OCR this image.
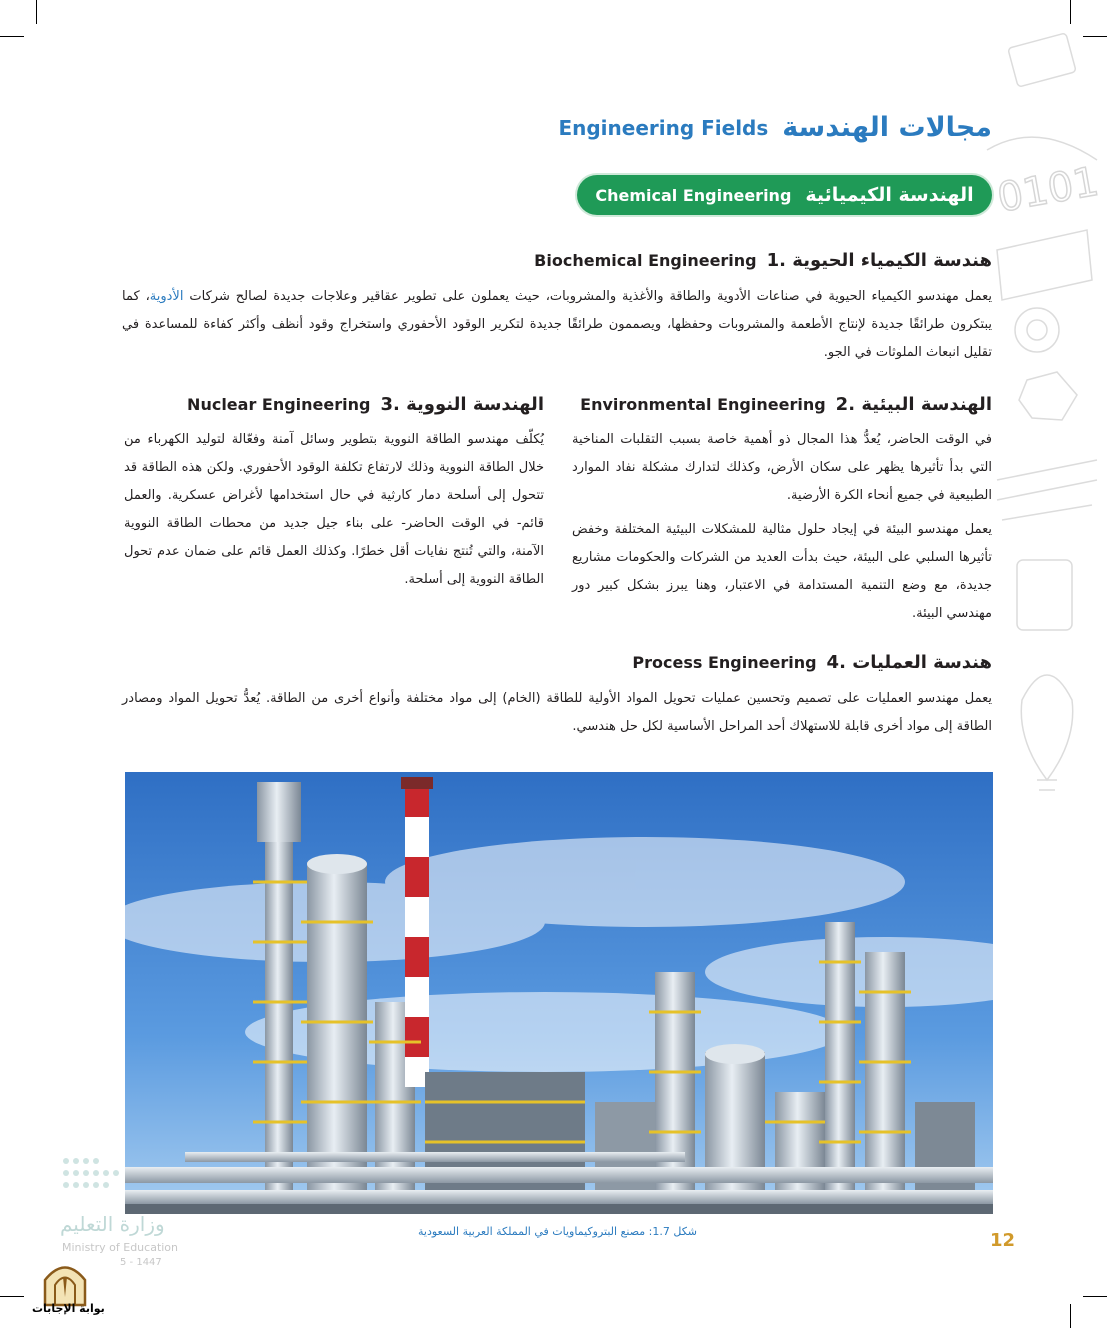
0101
Engineering Fields مجالات الهندسة
Chemical Engineering الهندسة الكيميائية
Biochemical Engineering 1. هندسة الكيمياء الحيوية

يعمل مهندسو الكيمياء الحيوية في صناعات الأدوية والطاقة والأغذية والمشروبات، حيث يعملون على تطوير عقاقير وعلاجات جديدة لصالح شركات الأدوية، كما يبتكرون طرائقًا جديدة لإنتاج الأطعمة والمشروبات وحفظها، ويصممون طرائقًا جديدة لتكرير الوقود الأحفوري واستخراج وقود أنظف وأكثر كفاءة للمساعدة في تقليل انبعاث الملوثات في الجو.

Environmental Engineering 2. الهندسة البيئية

في الوقت الحاضر، يُعدُّ هذا المجال ذو أهمية خاصة بسبب التقلبات المناخية التي بدأ تأثيرها يظهر على سكان الأرض، وكذلك لتدارك مشكلة نفاد الموارد الطبيعية في جميع أنحاء الكرة الأرضية.

يعمل مهندسو البيئة في إيجاد حلول مثالية للمشكلات البيئية المختلفة وخفض تأثيرها السلبي على البيئة، حيث بدأت العديد من الشركات والحكومات مشاريع جديدة، مع وضع التنمية المستدامة في الاعتبار، وهنا يبرز بشكل كبير دور مهندسي البيئة.

Nuclear Engineering 3. الهندسة النووية

يُكلّف مهندسو الطاقة النووية بتطوير وسائل آمنة وفعّالة لتوليد الكهرباء من خلال الطاقة النووية وذلك لارتفاع تكلفة الوقود الأحفوري. ولكن هذه الطاقة قد تتحول إلى أسلحة دمار كارثية في حال استخدامها لأغراض عسكرية. والعمل قائم- في الوقت الحاضر- على بناء جيل جديد من محطات الطاقة النووية الآمنة، والتي تُنتج نفايات أقل خطرًا. وكذلك العمل قائم على ضمان عدم تحول الطاقة النووية إلى أسلحة.

Process Engineering 4. هندسة العمليات

يعمل مهندسو العمليات على تصميم وتحسين عمليات تحويل المواد الأولية للطاقة (الخام) إلى مواد مختلفة وأنواع أخرى من الطاقة. يُعدُّ تحويل المواد ومصادر الطاقة إلى مواد أخرى قابلة للاستهلاك أحد المراحل الأساسية لكل حل هندسي.

شكل 1.7: مصنع البتروكيماويات في المملكة العربية السعودية	12
وزارة التعليم
Ministry of Education
5 - 1447
بوابة الإجابات
